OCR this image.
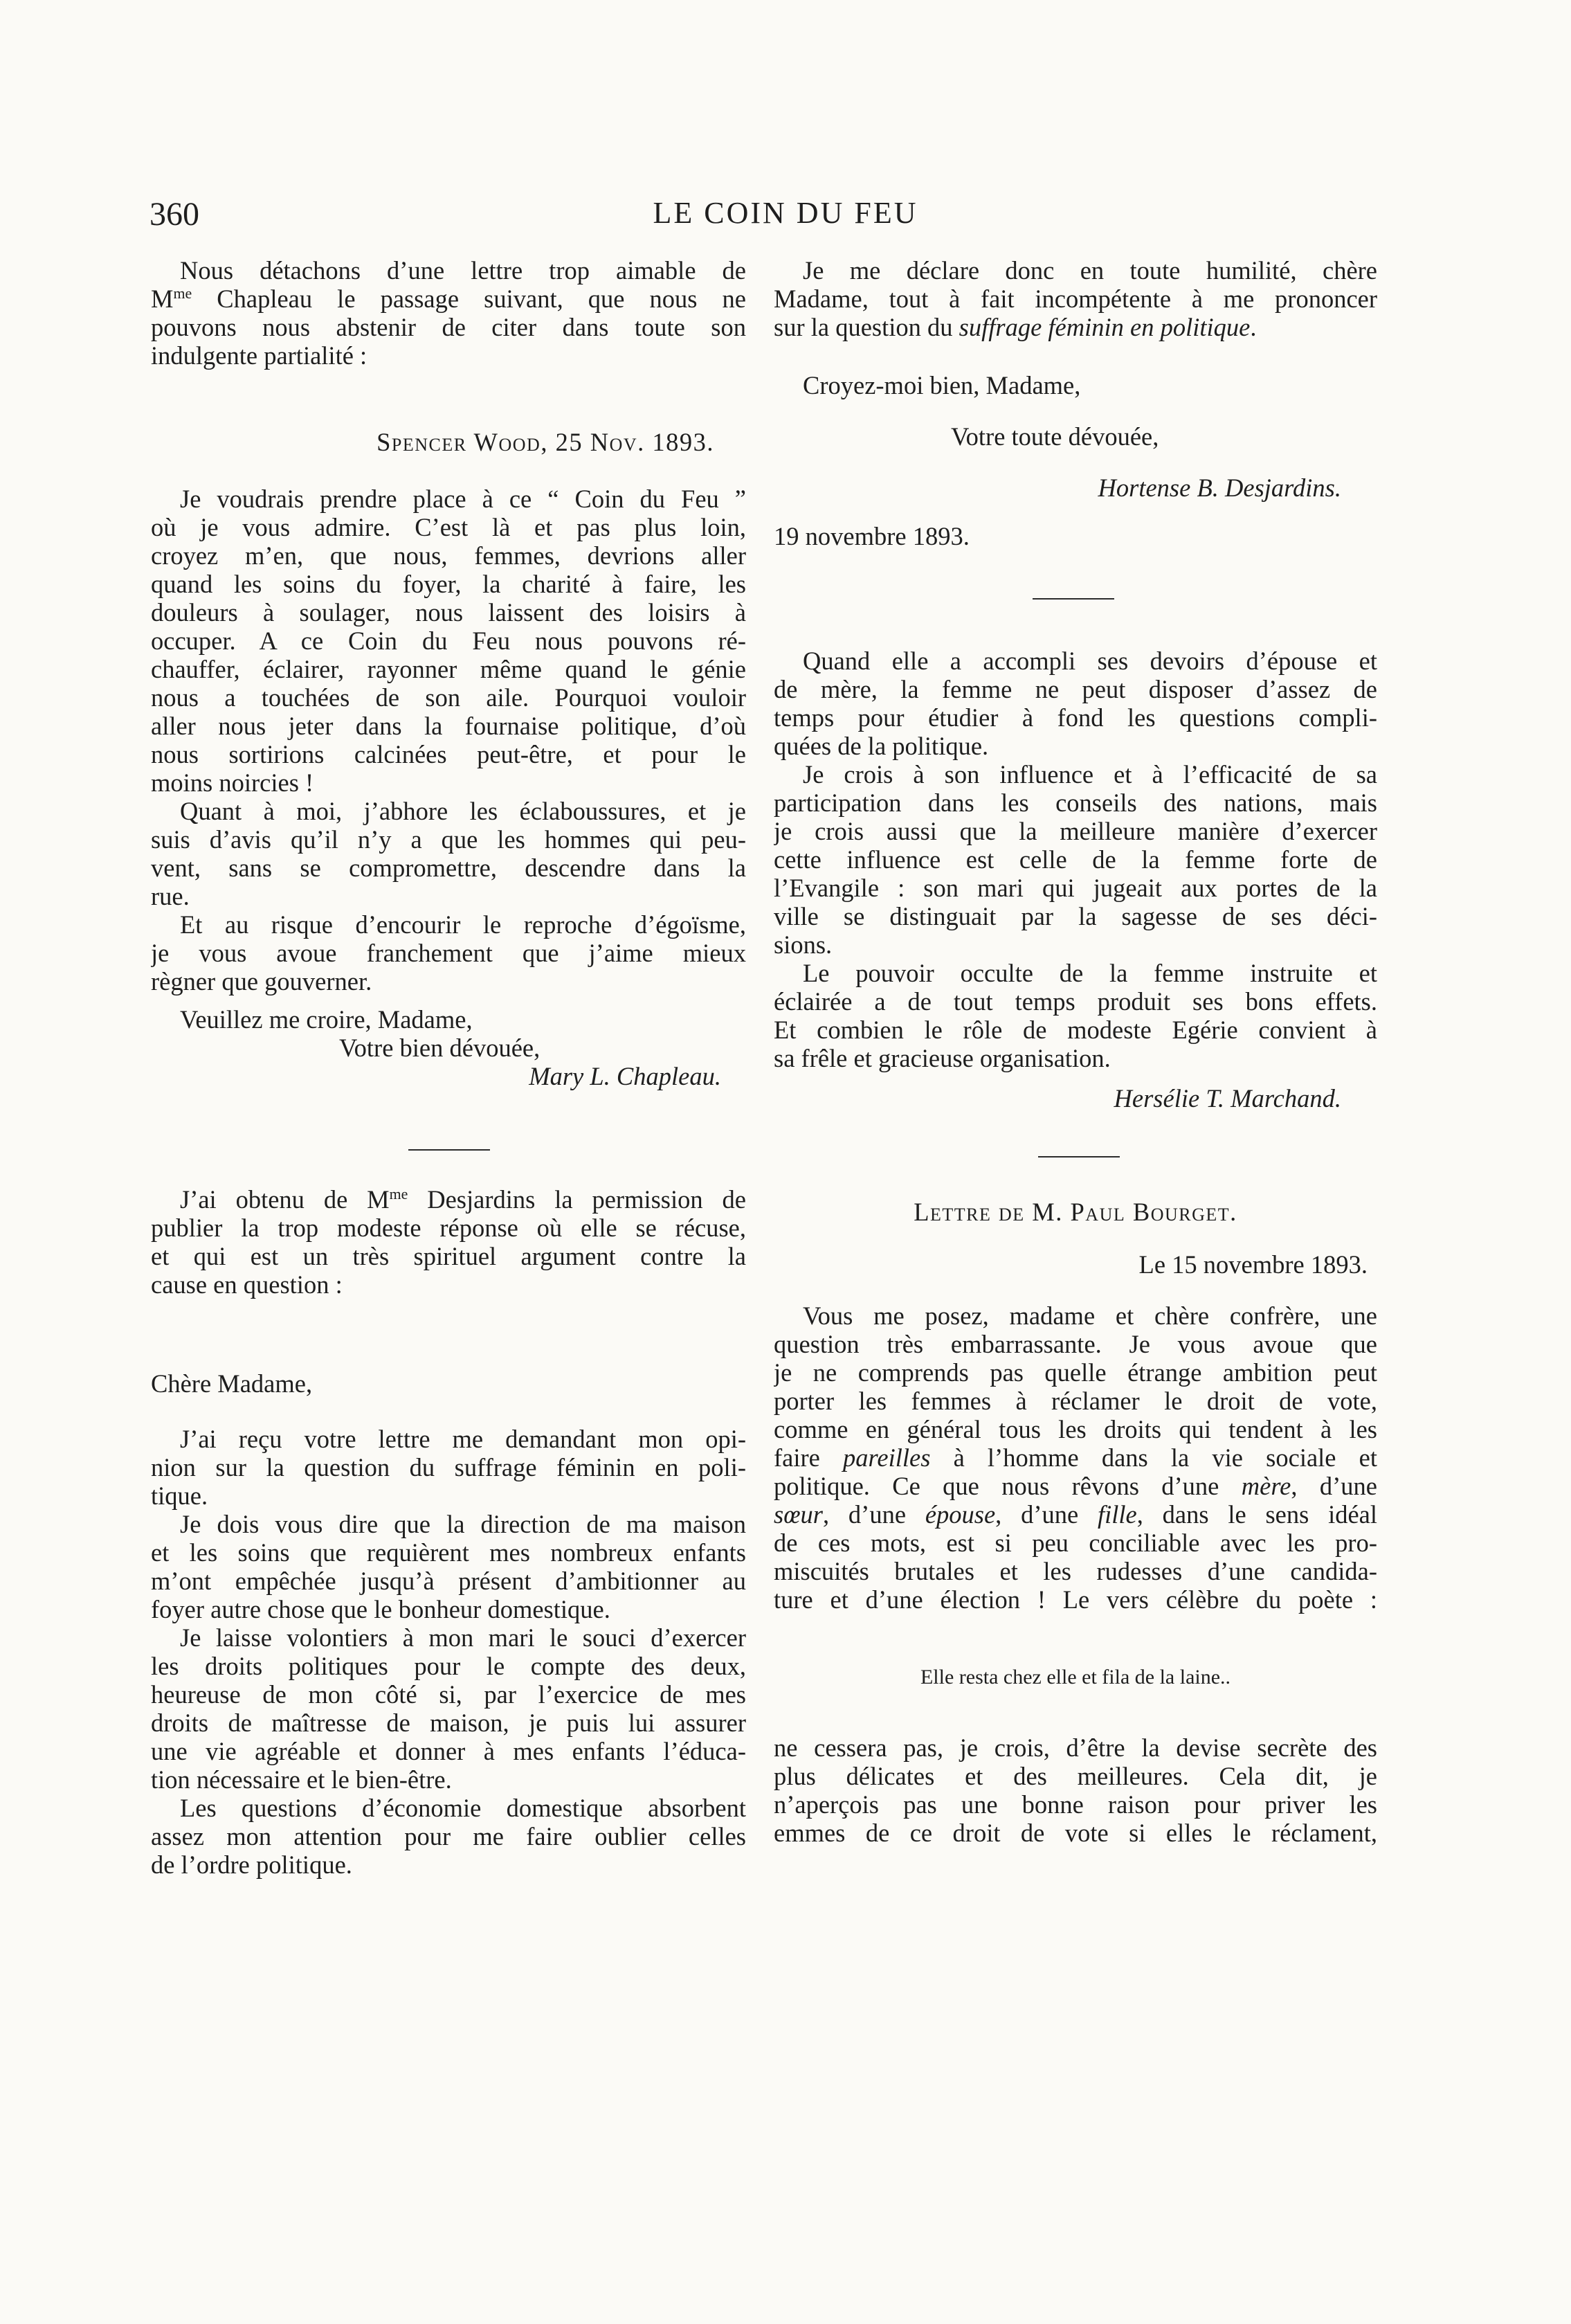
360	LE COIN DU FEU
Nous détachons d’une lettre trop aimable de
$M^{me}$ Chapleau le passage suivant, que nous ne
pouvons nous abstenir de citer dans toute son
indulgente partialité :
Spencer Wood, 25 Nov. 1893.
Je voudrais prendre place à ce “ Coin du Feu ”
où je vous admire. C’est là et pas plus loin,
croyez m’en, que nous, femmes, devrions aller
quand les soins du foyer, la charité à faire, les
douleurs à soulager, nous laissent des loisirs à
occuper. A ce Coin du Feu nous pouvons ré-
chauffer, éclairer, rayonner même quand le génie
nous a touchées de son aile. Pourquoi vouloir
aller nous jeter dans la fournaise politique, d’où
nous sortirions calcinées peut-être, et pour le
moins noircies !
Quant à moi, j’abhore les éclaboussures, et je
suis d’avis qu’il n’y a que les hommes qui peu-
vent, sans se compromettre, descendre dans la
rue.
Et au risque d’encourir le reproche d’égoïsme,
je vous avoue franchement que j’aime mieux
règner que gouverner.
Veuillez me croire, Madame,
Votre bien dévouée,
Mary L. Chapleau.
J’ai obtenu de $M^{me}$ Desjardins la permission de
publier la trop modeste réponse où elle se récuse,
et qui est un très spirituel argument contre la
cause en question :
Chère Madame,
J’ai reçu votre lettre me demandant mon opi-
nion sur la question du suffrage féminin en poli-
tique.
Je dois vous dire que la direction de ma maison
et les soins que requièrent mes nombreux enfants
m’ont empêchée jusqu’à présent d’ambitionner au
foyer autre chose que le bonheur domestique.
Je laisse volontiers à mon mari le souci d’exercer
les droits politiques pour le compte des deux,
heureuse de mon côté si, par l’exercice de mes
droits de maîtresse de maison, je puis lui assurer
une vie agréable et donner à mes enfants l’éduca-
tion nécessaire et le bien-être.
Les questions d’économie domestique absorbent
assez mon attention pour me faire oublier celles
de l’ordre politique.
Je me déclare donc en toute humilité, chère
Madame, tout à fait incompétente à me prononcer
sur la question du suffrage féminin en politique.
Croyez-moi bien, Madame,
Votre toute dévouée,
Hortense B. Desjardins.
19 novembre 1893.
Quand elle a accompli ses devoirs d’épouse et
de mère, la femme ne peut disposer d’assez de
temps pour étudier à fond les questions compli-
quées de la politique.
Je crois à son influence et à l’efficacité de sa
participation dans les conseils des nations, mais
je crois aussi que la meilleure manière d’exercer
cette influence est celle de la femme forte de
l’Evangile : son mari qui jugeait aux portes de la
ville se distinguait par la sagesse de ses déci-
sions.
Le pouvoir occulte de la femme instruite et
éclairée a de tout temps produit ses bons effets.
Et combien le rôle de modeste Egérie convient à
sa frêle et gracieuse organisation.
Hersélie T. Marchand.
Lettre de M. Paul Bourget.
Le 15 novembre 1893.
Vous me posez, madame et chère confrère, une
question très embarrassante. Je vous avoue que
je ne comprends pas quelle étrange ambition peut
porter les femmes à réclamer le droit de vote,
comme en général tous les droits qui tendent à les
faire pareilles à l’homme dans la vie sociale et
politique. Ce que nous rêvons d’une mère, d’une
sœur, d’une épouse, d’une fille, dans le sens idéal
de ces mots, est si peu conciliable avec les pro-
miscuités brutales et les rudesses d’une candida-
ture et d’une élection ! Le vers célèbre du poète :
Elle resta chez elle et fila de la laine..
ne cessera pas, je crois, d’être la devise secrète des
plus délicates et des meilleures. Cela dit, je
n’aperçois pas une bonne raison pour priver les
emmes de ce droit de vote si elles le réclament,
